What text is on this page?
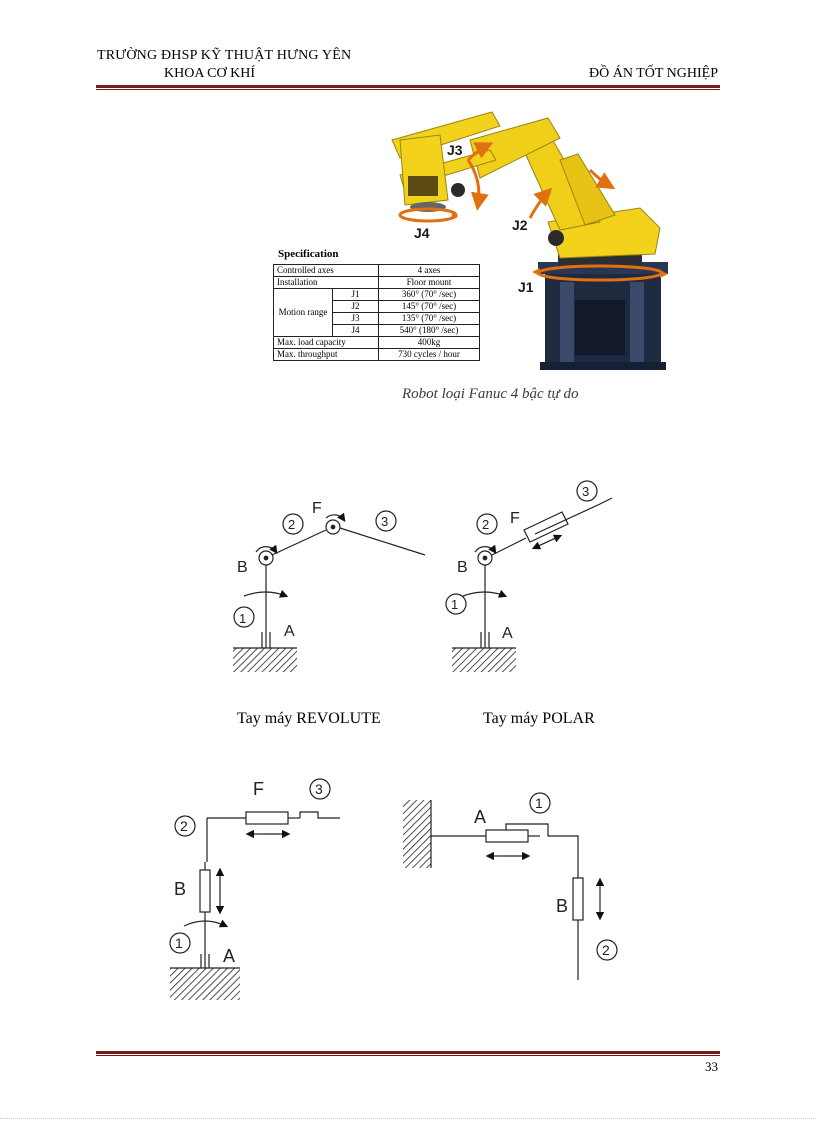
TRƯỜNG ĐHSP KỸ THUẬT HƯNG YÊN
KHOA CƠ KHÍ	ĐỒ ÁN TỐT NGHIỆP
J3
J4	J2
J1
1
2	3
B
F
A
1
2
3
B
F
A
2
1
3
F
B
A
1
2
A
B
Specification
Controlled axes		4 axes
Installation		Floor mount
Motion range	J1	360° (70° /sec)
	J2	145° (70° /sec)
	J3	135° (70° /sec)
	J4	540° (180° /sec)
Max. load capacity		400kg
Max. throughput		730 cycles / hour
Robot loại Fanuc 4 bậc tự do
Tay máy REVOLUTE	Tay máy POLAR
33
